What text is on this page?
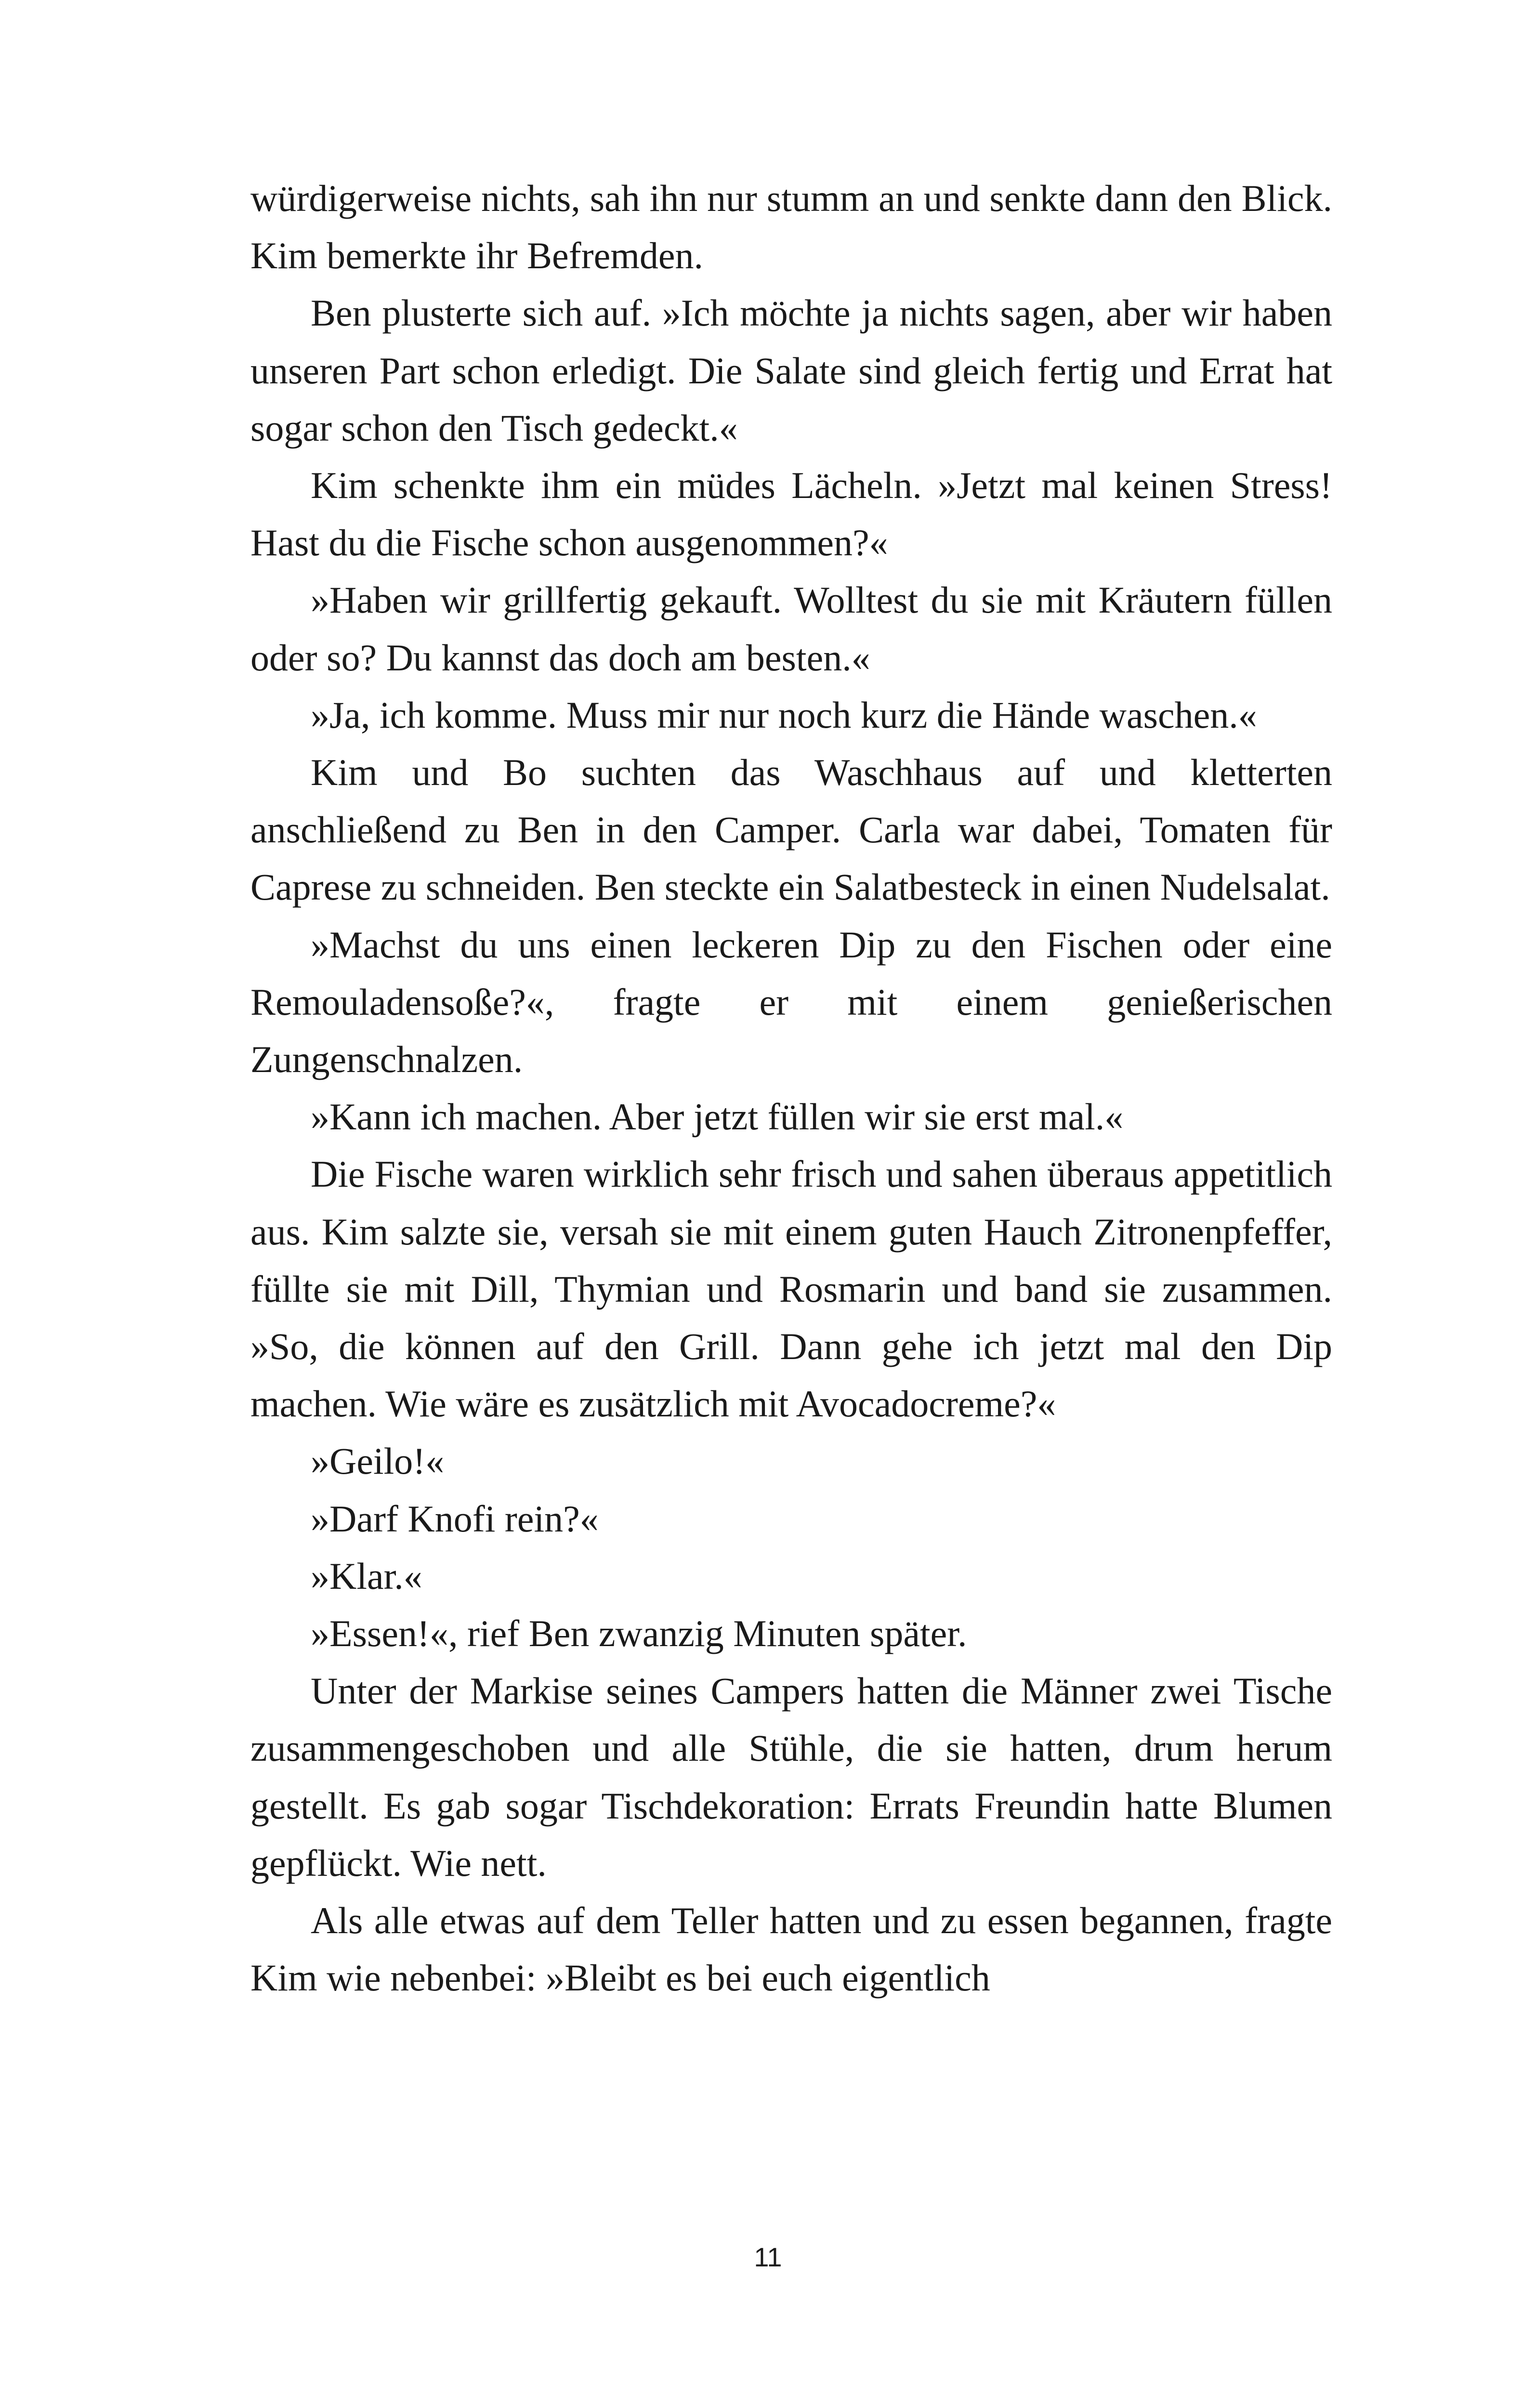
würdigerweise nichts, sah ihn nur stumm an und senkte dann den Blick. Kim bemerkte ihr Befremden.

Ben plusterte sich auf. »Ich möchte ja nichts sagen, aber wir haben unseren Part schon erledigt. Die Salate sind gleich fertig und Errat hat sogar schon den Tisch gedeckt.«

Kim schenkte ihm ein müdes Lächeln. »Jetzt mal keinen Stress! Hast du die Fische schon ausgenommen?«

»Haben wir grillfertig gekauft. Wolltest du sie mit Kräutern füllen oder so? Du kannst das doch am besten.«

»Ja, ich komme. Muss mir nur noch kurz die Hände waschen.«

Kim und Bo suchten das Waschhaus auf und kletterten anschließend zu Ben in den Camper. Carla war dabei, Tomaten für Caprese zu schneiden. Ben steckte ein Salatbesteck in einen Nudelsalat.

»Machst du uns einen leckeren Dip zu den Fischen oder eine Remouladensoße?«, fragte er mit einem genießerischen Zungenschnalzen.

»Kann ich machen. Aber jetzt füllen wir sie erst mal.«

Die Fische waren wirklich sehr frisch und sahen überaus appetitlich aus. Kim salzte sie, versah sie mit einem guten Hauch Zitronenpfeffer, füllte sie mit Dill, Thymian und Rosmarin und band sie zusammen. »So, die können auf den Grill. Dann gehe ich jetzt mal den Dip machen. Wie wäre es zusätzlich mit Avocadocreme?«

»Geilo!«

»Darf Knofi rein?«

»Klar.«

»Essen!«, rief Ben zwanzig Minuten später.

Unter der Markise seines Campers hatten die Männer zwei Tische zusammengeschoben und alle Stühle, die sie hatten, drum herum gestellt. Es gab sogar Tischdekoration: Errats Freundin hatte Blumen gepflückt. Wie nett.

Als alle etwas auf dem Teller hatten und zu essen begannen, fragte Kim wie nebenbei: »Bleibt es bei euch eigentlich

11
